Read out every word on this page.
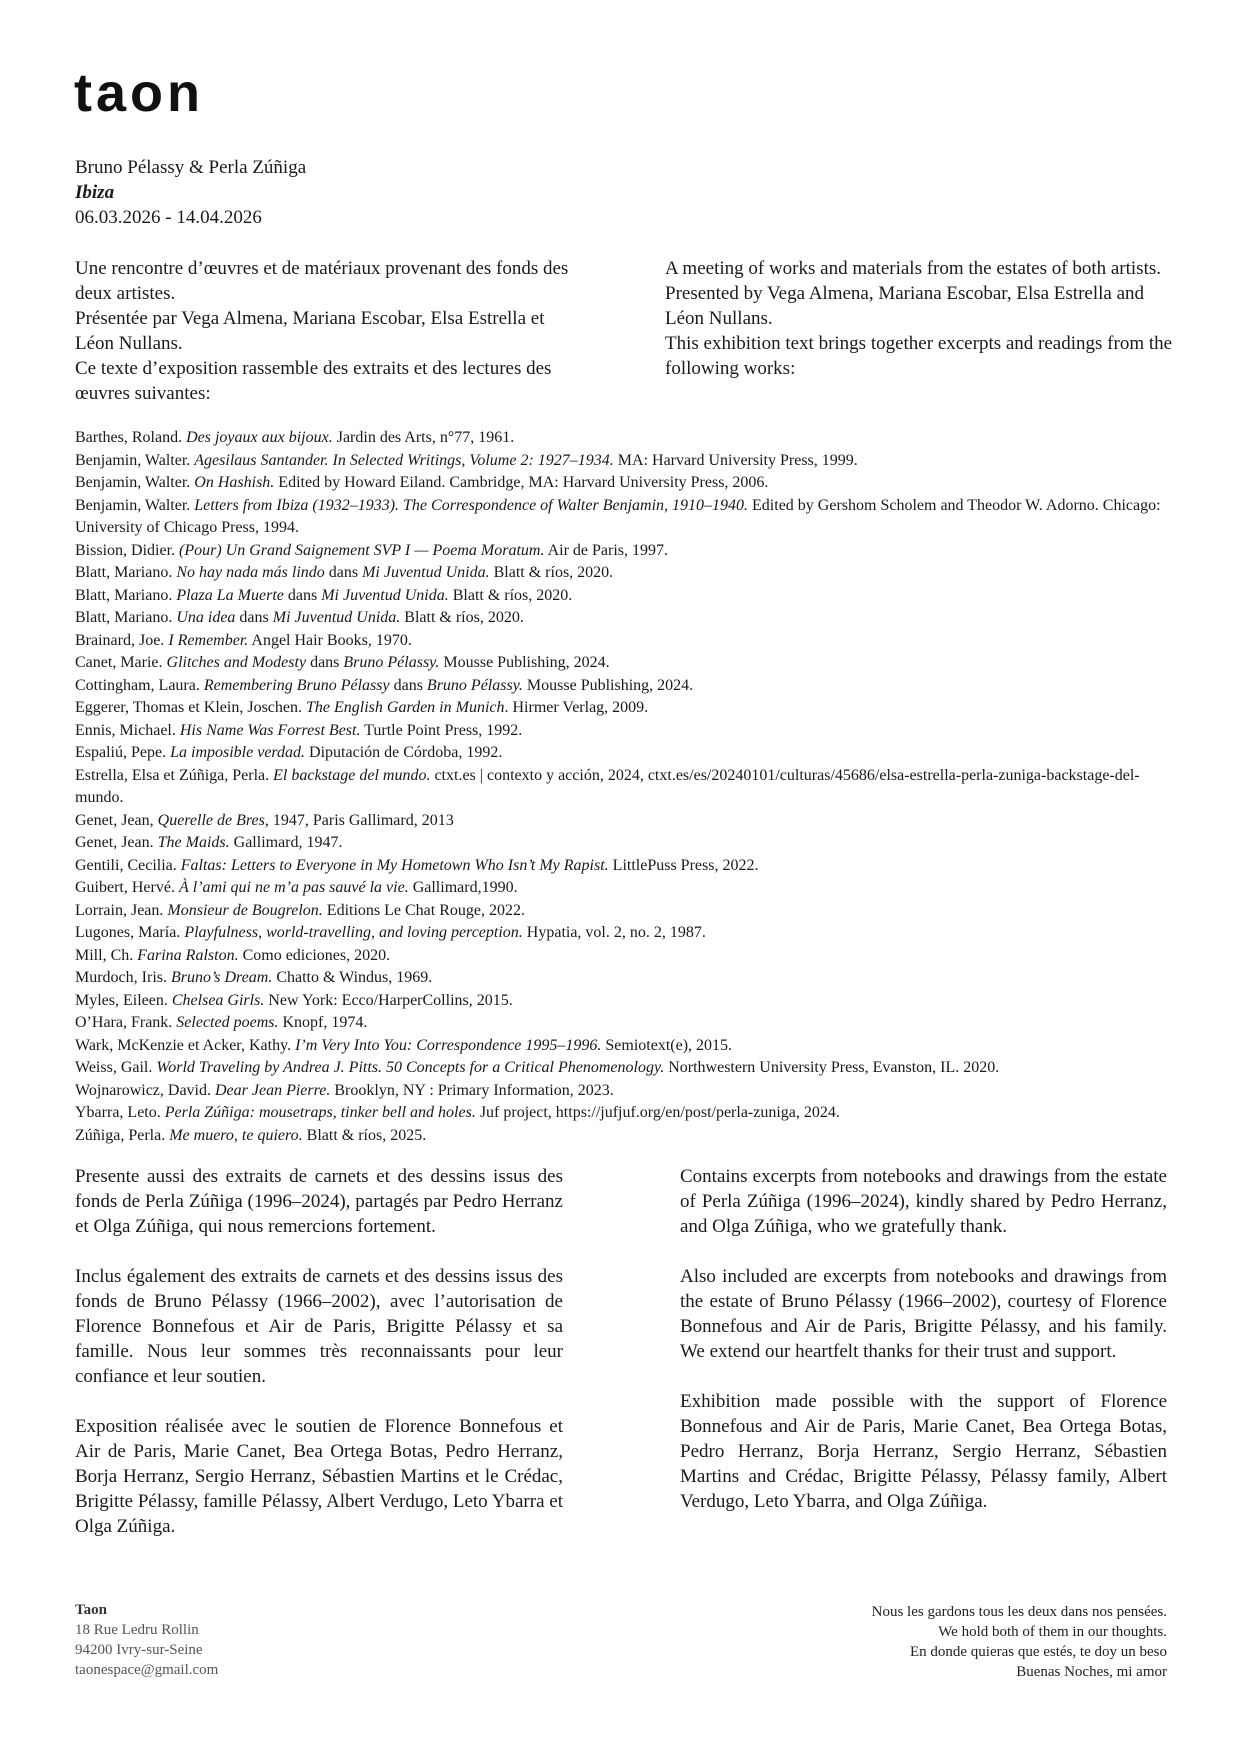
taon
Bruno Pélassy & Perla Zúñiga
Ibiza
06.03.2026 - 14.04.2026

Une rencontre d’œuvres et de matériaux provenant des fonds des deux artistes.

Présentée par Vega Almena, Mariana Escobar, Elsa Estrella et Léon Nullans.

Ce texte d’exposition rassemble des extraits et des lectures des œuvres suivantes:

A meeting of works and materials from the estates of both artists.

Presented by Vega Almena, Mariana Escobar, Elsa Estrella and Léon Nullans.

This exhibition text brings together excerpts and readings from the following works:

Barthes, Roland. Des joyaux aux bijoux. Jardin des Arts, n°77, 1961.

Benjamin, Walter. Agesilaus Santander. In Selected Writings, Volume 2: 1927–1934. MA: Harvard University Press, 1999.

Benjamin, Walter. On Hashish. Edited by Howard Eiland. Cambridge, MA: Harvard University Press, 2006.

Benjamin, Walter. Letters from Ibiza (1932–1933). The Correspondence of Walter Benjamin, 1910–1940. Edited by Gershom Scholem and Theodor W. Adorno. Chicago: University of Chicago Press, 1994.

Bission, Didier. (Pour) Un Grand Saignement SVP I — Poema Moratum. Air de Paris, 1997.

Blatt, Mariano. No hay nada más lindo dans Mi Juventud Unida. Blatt & ríos, 2020.

Blatt, Mariano. Plaza La Muerte dans Mi Juventud Unida. Blatt & ríos, 2020.

Blatt, Mariano. Una idea dans Mi Juventud Unida. Blatt & ríos, 2020.

Brainard, Joe. I Remember. Angel Hair Books, 1970.

Canet, Marie. Glitches and Modesty dans Bruno Pélassy. Mousse Publishing, 2024.

Cottingham, Laura. Remembering Bruno Pélassy dans Bruno Pélassy. Mousse Publishing, 2024.

Eggerer, Thomas et Klein, Joschen. The English Garden in Munich. Hirmer Verlag, 2009.

Ennis, Michael. His Name Was Forrest Best. Turtle Point Press, 1992.

Espaliú, Pepe. La imposible verdad. Diputación de Córdoba, 1992.

Estrella, Elsa et Zúñiga, Perla. El backstage del mundo. ctxt.es | contexto y acción, 2024, ctxt.es/es/20240101/culturas/45686/elsa-estrella-perla-zuniga-backstage-del-mundo.

Genet, Jean, Querelle de Bres, 1947, Paris Gallimard, 2013

Genet, Jean. The Maids. Gallimard, 1947.

Gentili, Cecilia. Faltas: Letters to Everyone in My Hometown Who Isn’t My Rapist. LittlePuss Press, 2022.

Guibert, Hervé. À l’ami qui ne m’a pas sauvé la vie. Gallimard,1990.

Lorrain, Jean. Monsieur de Bougrelon. Editions Le Chat Rouge, 2022.

Lugones, María. Playfulness, world-travelling, and loving perception. Hypatia, vol. 2, no. 2, 1987.

Mill, Ch. Farina Ralston. Como ediciones, 2020.

Murdoch, Iris. Bruno’s Dream. Chatto & Windus, 1969.

Myles, Eileen. Chelsea Girls. New York: Ecco/HarperCollins, 2015.

O’Hara, Frank. Selected poems. Knopf, 1974.

Wark, McKenzie et Acker, Kathy. I’m Very Into You: Correspondence 1995–1996. Semiotext(e), 2015.

Weiss, Gail. World Traveling by Andrea J. Pitts. 50 Concepts for a Critical Phenomenology. Northwestern University Press, Evanston, IL. 2020.

Wojnarowicz, David. Dear Jean Pierre. Brooklyn, NY : Primary Information, 2023.

Ybarra, Leto. Perla Zúñiga: mousetraps, tinker bell and holes. Juf project, https://jufjuf.org/en/post/perla-zuniga, 2024.

Zúñiga, Perla. Me muero, te quiero. Blatt & ríos, 2025.

Presente aussi des extraits de carnets et des dessins issus des fonds de Perla Zúñiga (1996–2024), partagés par Pedro Herranz et Olga Zúñiga, qui nous remercions fortement.

Inclus également des extraits de carnets et des dessins issus des fonds de Bruno Pélassy (1966–2002), avec l’autorisation de Florence Bonnefous et Air de Paris, Brigitte Pélassy et sa famille. Nous leur sommes très reconnaissants pour leur confiance et leur soutien.

Exposition réalisée avec le soutien de Florence Bonnefous et Air de Paris, Marie Canet, Bea Ortega Botas, Pedro Herranz, Borja Herranz, Sergio Herranz, Sébastien Martins et le Crédac, Brigitte Pélassy, famille Pélassy, Albert Verdugo, Leto Ybarra et Olga Zúñiga.

Contains excerpts from notebooks and drawings from the estate of Perla Zúñiga (1996–2024), kindly shared by Pedro Herranz, and Olga Zúñiga, who we gratefully thank.

Also included are excerpts from notebooks and drawings from the estate of Bruno Pélassy (1966–2002), courtesy of Florence Bonnefous and Air de Paris, Brigitte Pélassy, and his family. We extend our heartfelt thanks for their trust and support.

Exhibition made possible with the support of Florence Bonnefous and Air de Paris, Marie Canet, Bea Ortega Botas, Pedro Herranz, Borja Herranz, Sergio Herranz, Sébastien Martins and Crédac, Brigitte Pélassy, Pélassy family, Albert Verdugo, Leto Ybarra, and Olga Zúñiga.

Taon
18 Rue Ledru Rollin
94200 Ivry-sur-Seine
taonespace@gmail.com
Nous les gardons tous les deux dans nos pensées.
We hold both of them in our thoughts.
En donde quieras que estés, te doy un beso
Buenas Noches, mi amor
